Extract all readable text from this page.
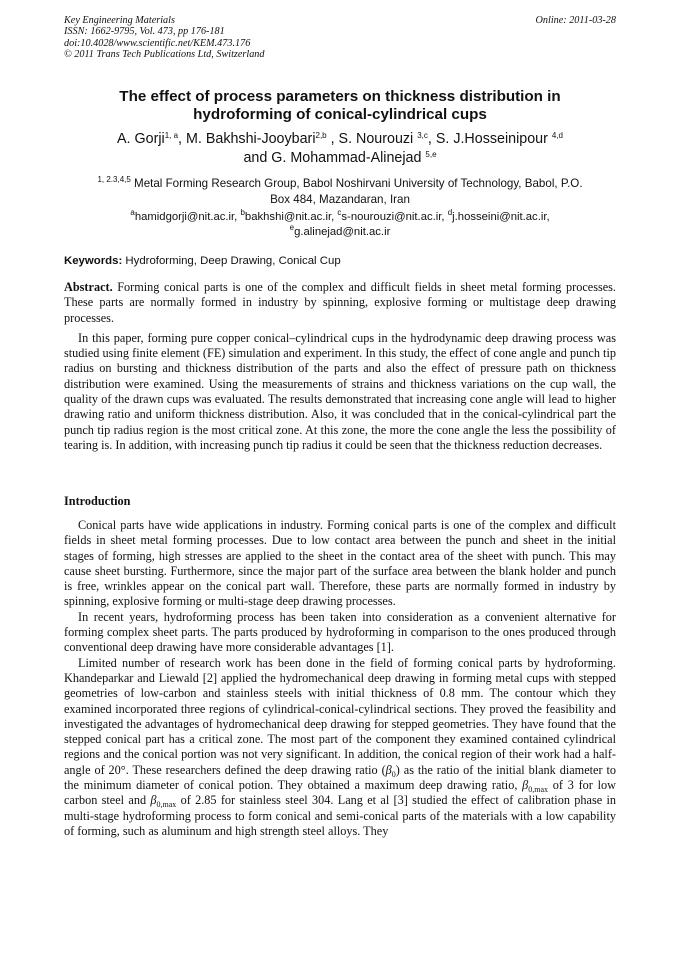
Key Engineering Materials
ISSN: 1662-9795, Vol. 473, pp 176-181
doi:10.4028/www.scientific.net/KEM.473.176
© 2011 Trans Tech Publications Ltd, Switzerland
Online: 2011-03-28
The effect of process parameters on thickness distribution in
hydroforming of conical-cylindrical cups
A. Gorji$^{1, a}$, M. Bakhshi-Jooybari$^{2,b}$ , S. Nourouzi $^{3,c}$, S. J.Hosseinipour $^{4,d}$
and G. Mohammad-Alinejad $^{5,e}$
$^{1, 2.3,4,5}$ Metal Forming Research Group, Babol Noshirvani University of Technology, Babol, P.O.
Box 484, Mazandaran, Iran
$^a$hamidgorji@nit.ac.ir, $^b$bakhshi@nit.ac.ir, $^c$s-nourouzi@nit.ac.ir, $^d$j.hosseini@nit.ac.ir,
$^e$g.alinejad@nit.ac.ir
Keywords: Hydroforming, Deep Drawing, Conical Cup

Abstract. Forming conical parts is one of the complex and difficult fields in sheet metal forming processes. These parts are normally formed in industry by spinning, explosive forming or multistage deep drawing processes.

In this paper, forming pure copper conical–cylindrical cups in the hydrodynamic deep drawing process was studied using finite element (FE) simulation and experiment. In this study, the effect of cone angle and punch tip radius on bursting and thickness distribution of the parts and also the effect of pressure path on thickness distribution were examined. Using the measurements of strains and thickness variations on the cup wall, the quality of the drawn cups was evaluated. The results demonstrated that increasing cone angle will lead to higher drawing ratio and uniform thickness distribution. Also, it was concluded that in the conical-cylindrical part the punch tip radius region is the most critical zone. At this zone, the more the cone angle the less the possibility of tearing is. In addition, with increasing punch tip radius it could be seen that the thickness reduction decreases.

Introduction

Conical parts have wide applications in industry. Forming conical parts is one of the complex and difficult fields in sheet metal forming processes. Due to low contact area between the punch and sheet in the initial stages of forming, high stresses are applied to the sheet in the contact area of the sheet with punch. This may cause sheet bursting. Furthermore, since the major part of the surface area between the blank holder and punch is free, wrinkles appear on the conical part wall. Therefore, these parts are normally formed in industry by spinning, explosive forming or multi-stage deep drawing processes.

In recent years, hydroforming process has been taken into consideration as a convenient alternative for forming complex sheet parts. The parts produced by hydroforming in comparison to the ones produced through conventional deep drawing have more considerable advantages [1].

Limited number of research work has been done in the field of forming conical parts by hydroforming. Khandeparkar and Liewald [2] applied the hydromechanical deep drawing in forming metal cups with stepped geometries of low-carbon and stainless steels with initial thickness of 0.8 mm. The contour which they examined incorporated three regions of cylindrical-conical-cylindrical sections. They proved the feasibility and investigated the advantages of hydromechanical deep drawing for stepped geometries. They have found that the stepped conical part has a critical zone. The most part of the component they examined contained cylindrical regions and the conical portion was not very significant. In addition, the conical region of their work had a half-angle of 20°. These researchers defined the deep drawing ratio $(\beta_0)$ as the ratio of the initial blank diameter to the minimum diameter of conical potion. They obtained a maximum deep drawing ratio, $\beta_{0,max}$ of 3 for low carbon steel and $\beta_{0,max}$ of 2.85 for stainless steel 304. Lang et al [3] studied the effect of calibration phase in multi-stage hydroforming process to form conical and semi-conical parts of the materials with a low capability of forming, such as aluminum and high strength steel alloys. They
